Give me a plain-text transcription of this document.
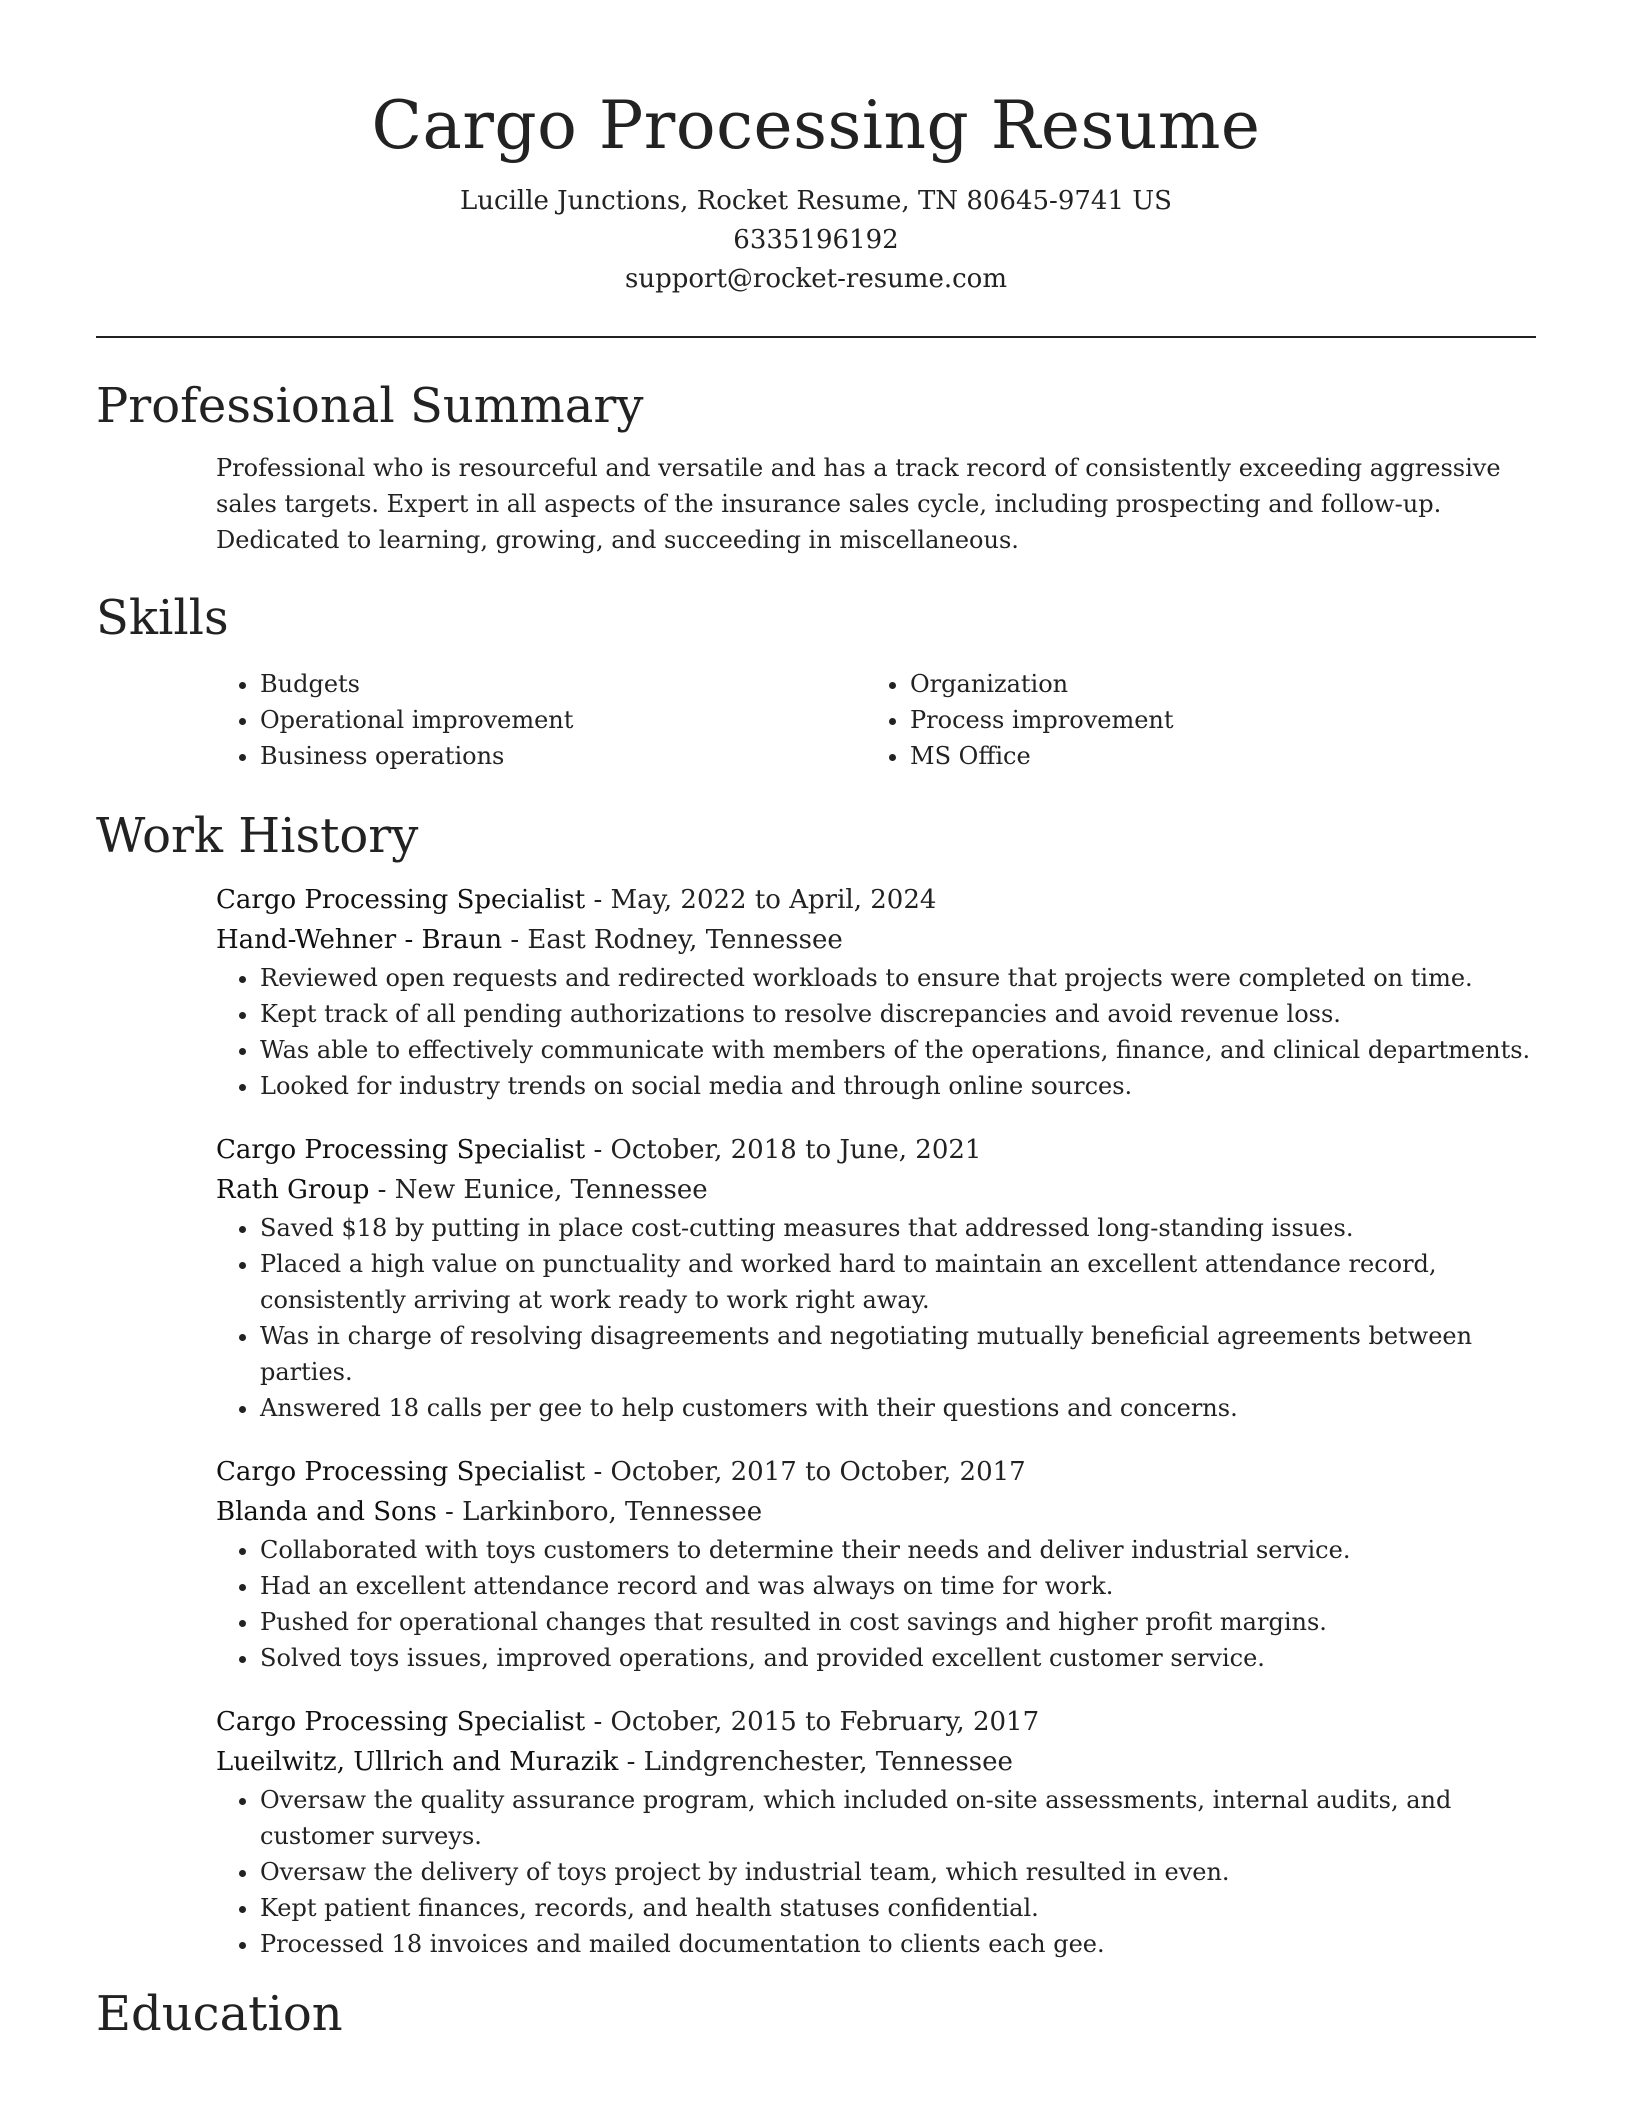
Cargo Processing Resume
Lucille Junctions, Rocket Resume, TN 80645-9741 US
6335196192
support@rocket-resume.com
Professional Summary

Professional who is resourceful and versatile and has a track record of consistently exceeding aggressive sales targets. Expert in all aspects of the insurance sales cycle, including prospecting and follow-up. Dedicated to learning, growing, and succeeding in miscellaneous.

Skills
• Budgets
• Operational improvement
• Business operations
• Organization
• Process improvement
• MS Office
Work History
Cargo Processing Specialist - May, 2022 to April, 2024
Hand-Wehner - Braun - East Rodney, Tennessee
• Reviewed open requests and redirected workloads to ensure that projects were completed on time.
• Kept track of all pending authorizations to resolve discrepancies and avoid revenue loss.
• Was able to effectively communicate with members of the operations, finance, and clinical departments.
• Looked for industry trends on social media and through online sources.
Cargo Processing Specialist - October, 2018 to June, 2021
Rath Group - New Eunice, Tennessee
• Saved $18 by putting in place cost-cutting measures that addressed long-standing issues.
• Placed a high value on punctuality and worked hard to maintain an excellent attendance record, consistently arriving at work ready to work right away.
• Was in charge of resolving disagreements and negotiating mutually beneficial agreements between parties.
• Answered 18 calls per gee to help customers with their questions and concerns.
Cargo Processing Specialist - October, 2017 to October, 2017
Blanda and Sons - Larkinboro, Tennessee
• Collaborated with toys customers to determine their needs and deliver industrial service.
• Had an excellent attendance record and was always on time for work.
• Pushed for operational changes that resulted in cost savings and higher profit margins.
• Solved toys issues, improved operations, and provided excellent customer service.
Cargo Processing Specialist - October, 2015 to February, 2017
Lueilwitz, Ullrich and Murazik - Lindgrenchester, Tennessee
• Oversaw the quality assurance program, which included on-site assessments, internal audits, and customer surveys.
• Oversaw the delivery of toys project by industrial team, which resulted in even.
• Kept patient finances, records, and health statuses confidential.
• Processed 18 invoices and mailed documentation to clients each gee.
Education
